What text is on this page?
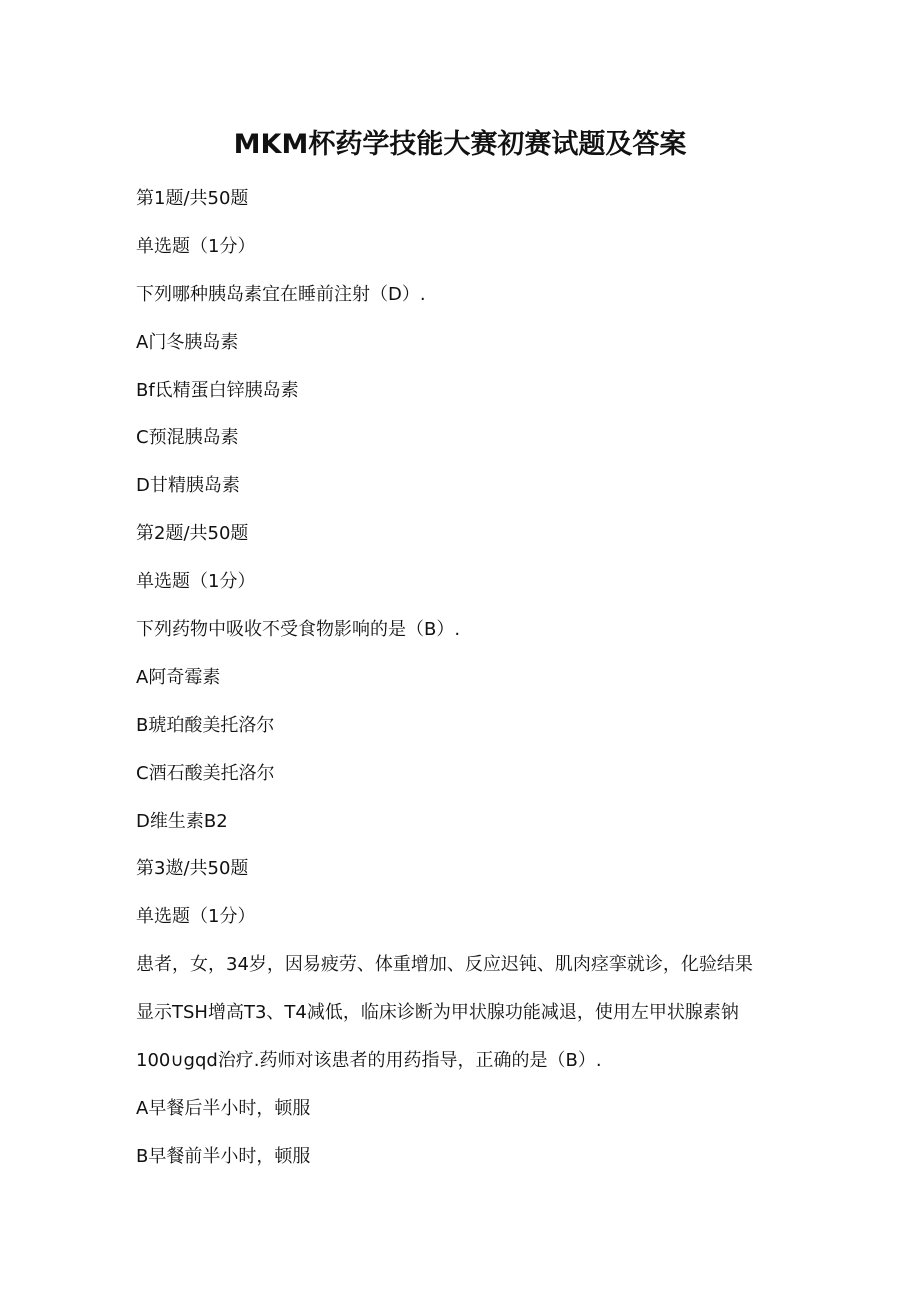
MKM杯药学技能大赛初赛试题及答案
第1题/共50题
单选题（1分）
下列哪种胰岛素宜在睡前注射（D）.
A门冬胰岛素
Bf氐精蛋白锌胰岛素
C预混胰岛素
D甘精胰岛素
第2题/共50题
单选题（1分）
下列药物中吸收不受食物影响的是（B）.
A阿奇霉素
B琥珀酸美托洛尔
C酒石酸美托洛尔
D维生素B2
第3遨/共50题
单选题（1分）
患者，女，34岁，因易疲劳、体重增加、反应迟钝、肌肉痉挛就诊，化验结果
显示TSH增高T3、T4减低，临床诊断为甲状腺功能减退，使用左甲状腺素钠
100∪gqd治疗.药师对该患者的用药指导，正确的是（B）.
A早餐后半小时，顿服
B早餐前半小时，顿服
